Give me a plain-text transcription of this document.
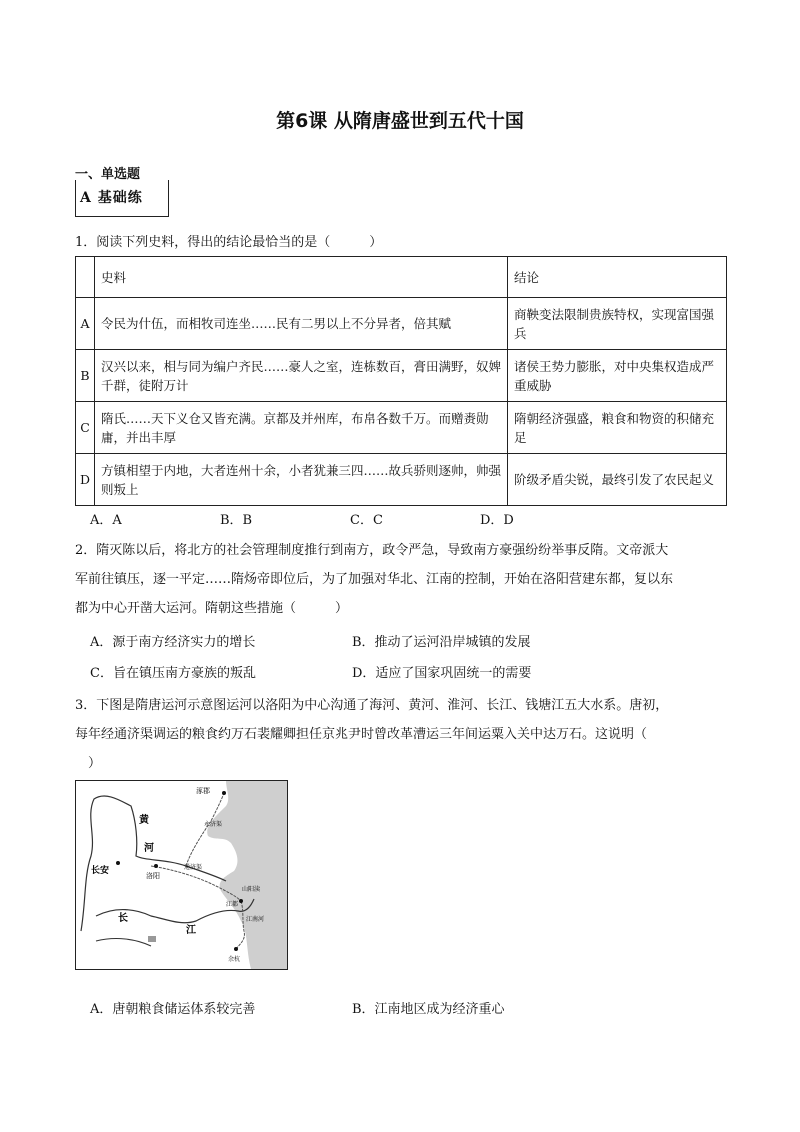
第6课 从隋唐盛世到五代十国
一、单选题
A 基础练
1．阅读下列史料，得出的结论最恰当的是（　　　）
	史料	结论
A	令民为什伍，而相牧司连坐……民有二男以上不分异者，倍其赋	商鞅变法限制贵族特权，实现富国强兵
B	汉兴以来，相与同为编户齐民……豪人之室，连栋数百，膏田满野，奴婢千群，徒附万计	诸侯王势力膨胀，对中央集权造成严重威胁
C	隋氏……天下义仓又皆充满。京都及并州库，布帛各数千万。而赠赉勋庸，并出丰厚	隋朝经济强盛，粮食和物资的积储充足
D	方镇相望于内地，大者连州十余，小者犹兼三四……故兵骄则逐帅，帅强则叛上	阶级矛盾尖锐，最终引发了农民起义
A．A	B．B	C．C	D．D
2．隋灭陈以后，将北方的社会管理制度推行到南方，政令严急，导致南方豪强纷纷举事反隋。文帝派大
军前往镇压，逐一平定……隋炀帝即位后，为了加强对华北、江南的控制，开始在洛阳营建东都，复以东
都为中心开凿大运河。隋朝这些措施（　　　）
A．源于南方经济实力的增长	B．推动了运河沿岸城镇的发展
C．旨在镇压南方豪族的叛乱	D．适应了国家巩固统一的需要
3．下图是隋唐运河示意图运河以洛阳为中心沟通了海河、黄河、淮河、长江、钱塘江五大水系。唐初，
每年经通济渠调运的粮食约万石裴耀卿担任京兆尹时曾改革漕运三年间运粟入关中达万石。这说明（
）
涿郡
黄
河
长安	洛阳
永济渠
通济渠
山阳渎
江都
江南河
长
江
余杭
A．唐朝粮食储运体系较完善	B．江南地区成为经济重心
